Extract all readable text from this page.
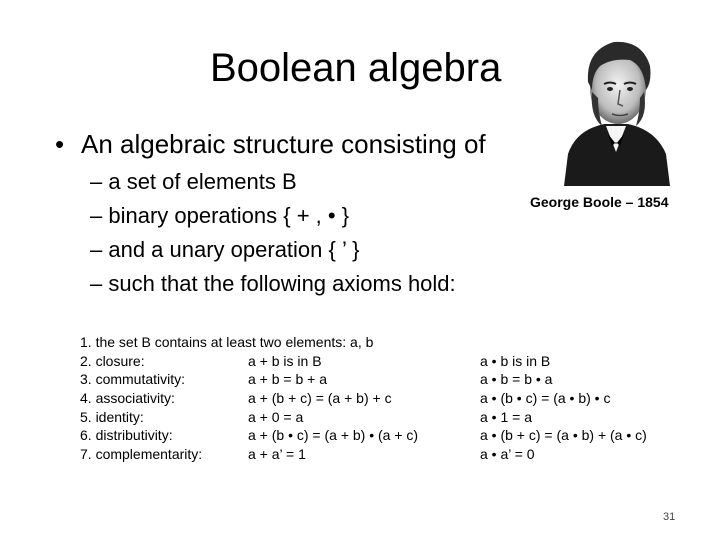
Boolean algebra
• An algebraic structure consisting of
– a set of elements B
– binary operations { + , • }
– and a unary operation { ’ }
– such that the following axioms hold:
George Boole – 1854
1. the set B contains at least two elements: a, b
2. closure:	a + b is in B	a • b is in B
3. commutativity:	a + b = b + a	a • b = b • a
4. associativity:	a + (b + c) = (a + b) + c	a • (b • c) = (a • b) • c
5. identity:	a + 0 = a	a • 1 = a
6. distributivity:	a + (b • c) = (a + b) • (a + c)	a • (b + c) = (a • b) + (a • c)
7. complementarity:	a + a’ = 1	a • a’ = 0
31
